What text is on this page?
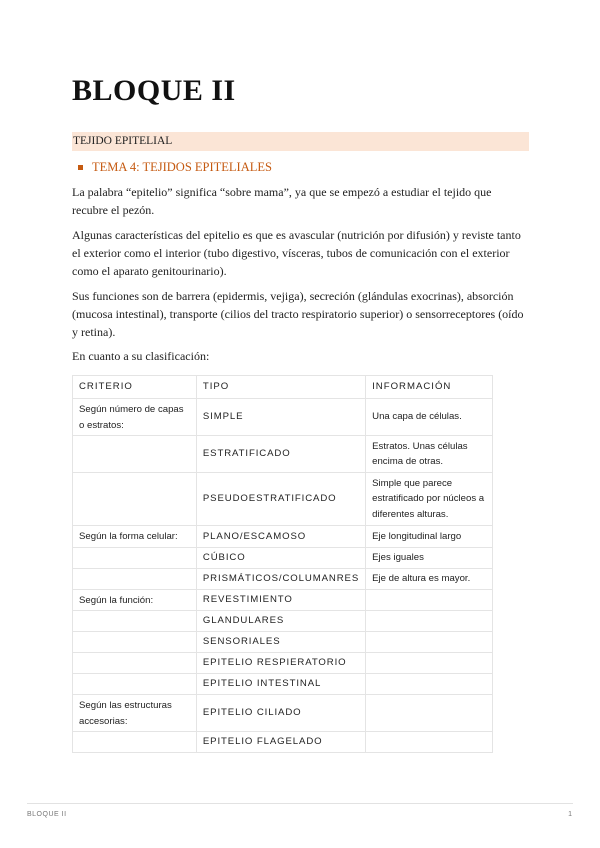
BLOQUE II
TEJIDO EPITELIAL
TEMA 4: TEJIDOS EPITELIALES
La palabra “epitelio” significa “sobre mama”, ya que se empezó a estudiar el tejido que recubre el pezón.
Algunas características del epitelio es que es avascular (nutrición por difusión) y reviste tanto el exterior como el interior (tubo digestivo, vísceras, tubos de comunicación con el exterior como el aparato genitourinario).
Sus funciones son de barrera (epidermis, vejiga), secreción (glándulas exocrinas), absorción (mucosa intestinal), transporte (cilios del tracto respiratorio superior) o sensorreceptores (oído y retina).
En cuanto a su clasificación:
CRITERIO	TIPO	INFORMACIÓN
Según número de capas o estratos:	SIMPLE	Una capa de células.
	ESTRATIFICADO	Estratos. Unas células encima de otras.
	PSEUDOESTRATIFICADO	Simple que parece estratificado por núcleos a diferentes alturas.
Según la forma celular:	PLANO/ESCAMOSO	Eje longitudinal largo
	CÚBICO	Ejes iguales
	PRISMÁTICOS/COLUMANRES	Eje de altura es mayor.
Según la función:	REVESTIMIENTO	
	GLANDULARES	
	SENSORIALES	
	EPITELIO RESPIERATORIO	
	EPITELIO INTESTINAL	
Según las estructuras accesorias:	EPITELIO CILIADO	
	EPITELIO FLAGELADO	
BLOQUE II	1
